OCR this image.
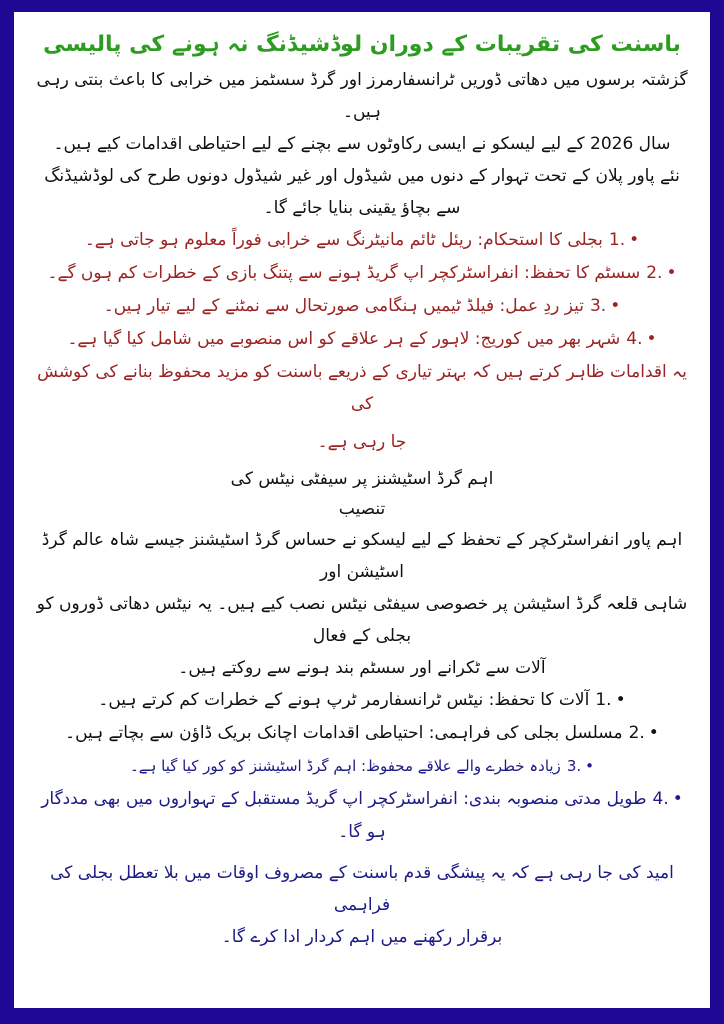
باسنت کی تقریبات کے دوران لوڈشیڈنگ نہ ہونے کی پالیسی

گزشتہ برسوں میں دھاتی ڈوریں ٹرانسفارمرز اور گرڈ سسٹمز میں خرابی کا باعث بنتی رہی ہیں۔

سال 2026 کے لیے لیسکو نے ایسی رکاوٹوں سے بچنے کے لیے احتیاطی اقدامات کیے ہیں۔

نئے پاور پلان کے تحت تہوار کے دنوں میں شیڈول اور غیر شیڈول دونوں طرح کی لوڈشیڈنگ

سے بچاؤ یقینی بنایا جائے گا۔

•1.بجلی کا استحکام: ریئل ٹائم مانیٹرنگ سے خرابی فوراً معلوم ہو جاتی ہے۔
•2.سسٹم کا تحفظ: انفراسٹرکچر اپ گریڈ ہونے سے پتنگ بازی کے خطرات کم ہوں گے۔
•3.تیز ردِ عمل: فیلڈ ٹیمیں ہنگامی صورتحال سے نمٹنے کے لیے تیار ہیں۔
•4.شہر بھر میں کوریج: لاہور کے ہر علاقے کو اس منصوبے میں شامل کیا گیا ہے۔

یہ اقدامات ظاہر کرتے ہیں کہ بہتر تیاری کے ذریعے باسنت کو مزید محفوظ بنانے کی کوشش کی

جا رہی ہے۔

اہم گرڈ اسٹیشنز پر سیفٹی نیٹس کی

تنصیب

اہم پاور انفراسٹرکچر کے تحفظ کے لیے لیسکو نے حساس گرڈ اسٹیشنز جیسے شاہ عالم گرڈ اسٹیشن اور

شاہی قلعہ گرڈ اسٹیشن پر خصوصی سیفٹی نیٹس نصب کیے ہیں۔ یہ نیٹس دھاتی ڈوروں کو بجلی کے فعال

آلات سے ٹکرانے اور سسٹم بند ہونے سے روکتے ہیں۔

•1.آلات کا تحفظ: نیٹس ٹرانسفارمر ٹرپ ہونے کے خطرات کم کرتے ہیں۔
•2.مسلسل بجلی کی فراہمی: احتیاطی اقدامات اچانک بریک ڈاؤن سے بچاتے ہیں۔
•3.زیادہ خطرے والے علاقے محفوظ: اہم گرڈ اسٹیشنز کو کور کیا گیا ہے۔
•4.طویل مدتی منصوبہ بندی: انفراسٹرکچر اپ گریڈ مستقبل کے تہواروں میں بھی مددگار ہو گا۔

امید کی جا رہی ہے کہ یہ پیشگی قدم باسنت کے مصروف اوقات میں بلا تعطل بجلی کی فراہمی

برقرار رکھنے میں اہم کردار ادا کرے گا۔
